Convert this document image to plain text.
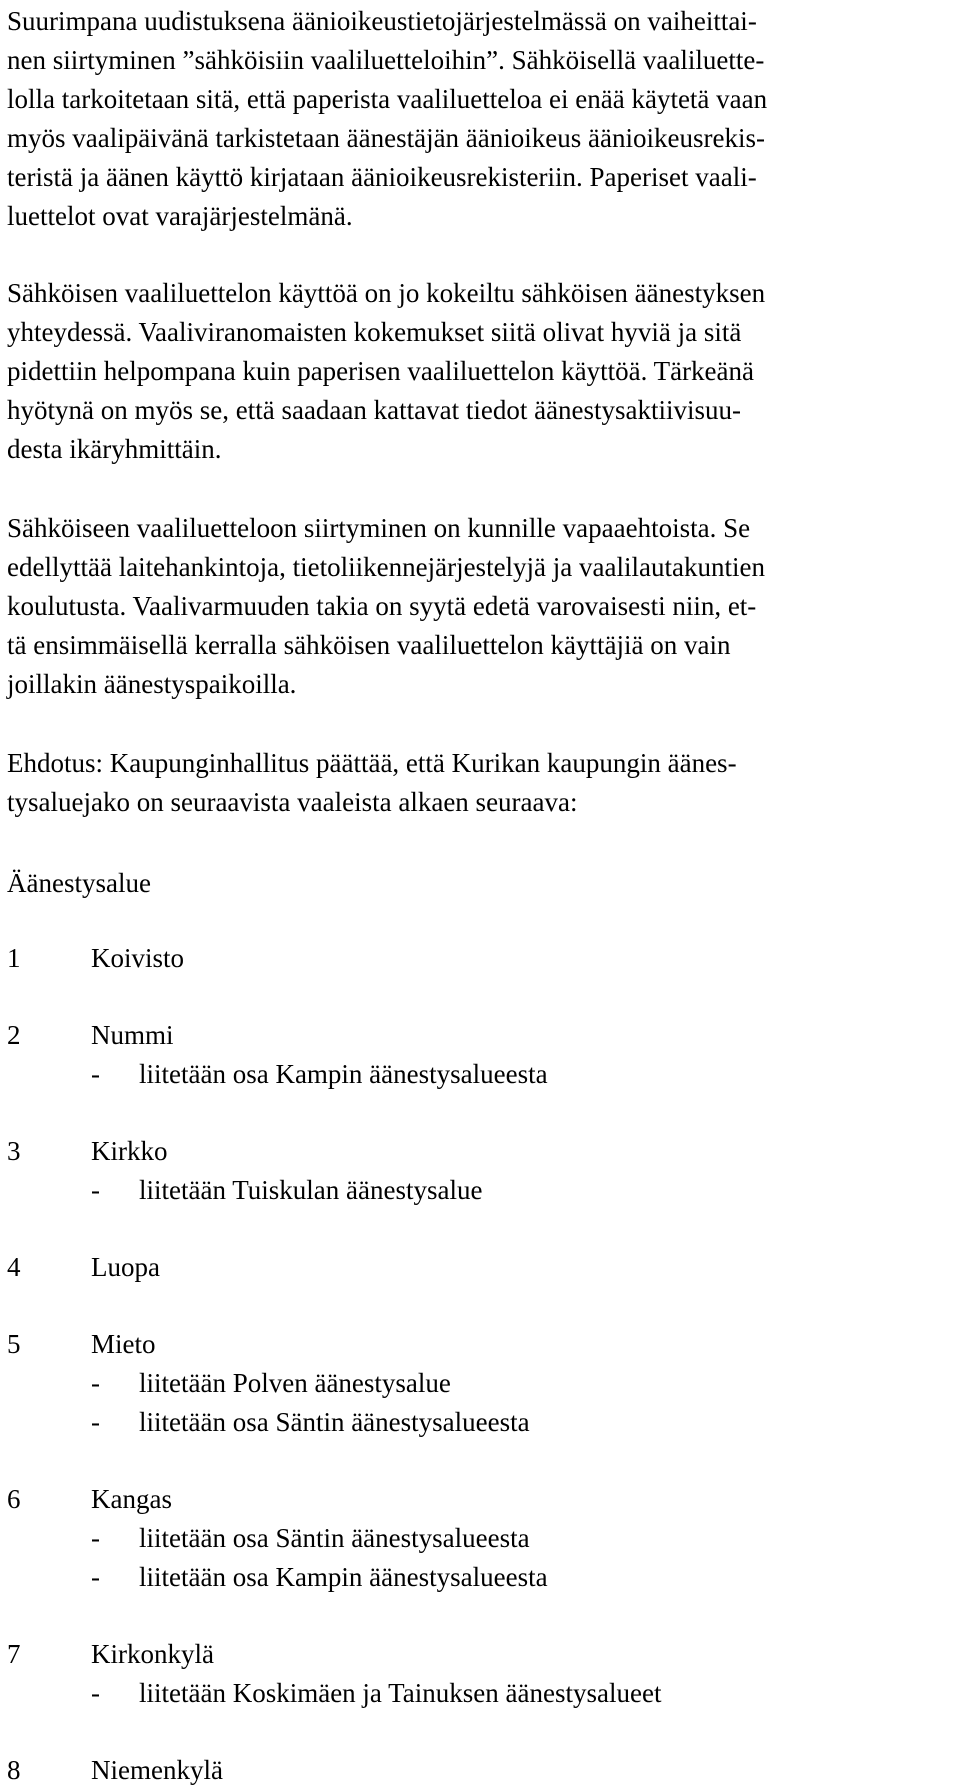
Suurimpana uudistuksena äänioikeustietojärjestelmässä on vaiheittai-
nen siirtyminen ”sähköisiin vaaliluetteloihin”. Sähköisellä vaaliluette-
lolla tarkoitetaan sitä, että paperista vaaliluetteloa ei enää käytetä vaan
myös vaalipäivänä tarkistetaan äänestäjän äänioikeus äänioikeusrekis-
teristä ja äänen käyttö kirjataan äänioikeusrekisteriin. Paperiset vaali-
luettelot ovat varajärjestelmänä.

Sähköisen vaaliluettelon käyttöä on jo kokeiltu sähköisen äänestyksen
yhteydessä. Vaaliviranomaisten kokemukset siitä olivat hyviä ja sitä
pidettiin helpompana kuin paperisen vaaliluettelon käyttöä. Tärkeänä
hyötynä on myös se, että saadaan kattavat tiedot äänestysaktiivisuu-
desta ikäryhmittäin.

Sähköiseen vaaliluetteloon siirtyminen on kunnille vapaaehtoista. Se
edellyttää laitehankintoja, tietoliikennejärjestelyjä ja vaalilautakuntien
koulutusta. Vaalivarmuuden takia on syytä edetä varovaisesti niin, et-
tä ensimmäisellä kerralla sähköisen vaaliluettelon käyttäjiä on vain
joillakin äänestyspaikoilla.

Ehdotus: Kaupunginhallitus päättää, että Kurikan kaupungin äänes-
tysaluejako on seuraavista vaaleista alkaen seuraava:

Äänestysalue
1	Koivisto
2	Nummi
- liitetään osa Kampin äänestysalueesta
3	Kirkko
- liitetään Tuiskulan äänestysalue
4	Luopa
5	Mieto
- liitetään Polven äänestysalue
- liitetään osa Säntin äänestysalueesta
6	Kangas
- liitetään osa Säntin äänestysalueesta
- liitetään osa Kampin äänestysalueesta
7	Kirkonkylä
- liitetään Koskimäen ja Tainuksen äänestysalueet
8	Niemenkylä
